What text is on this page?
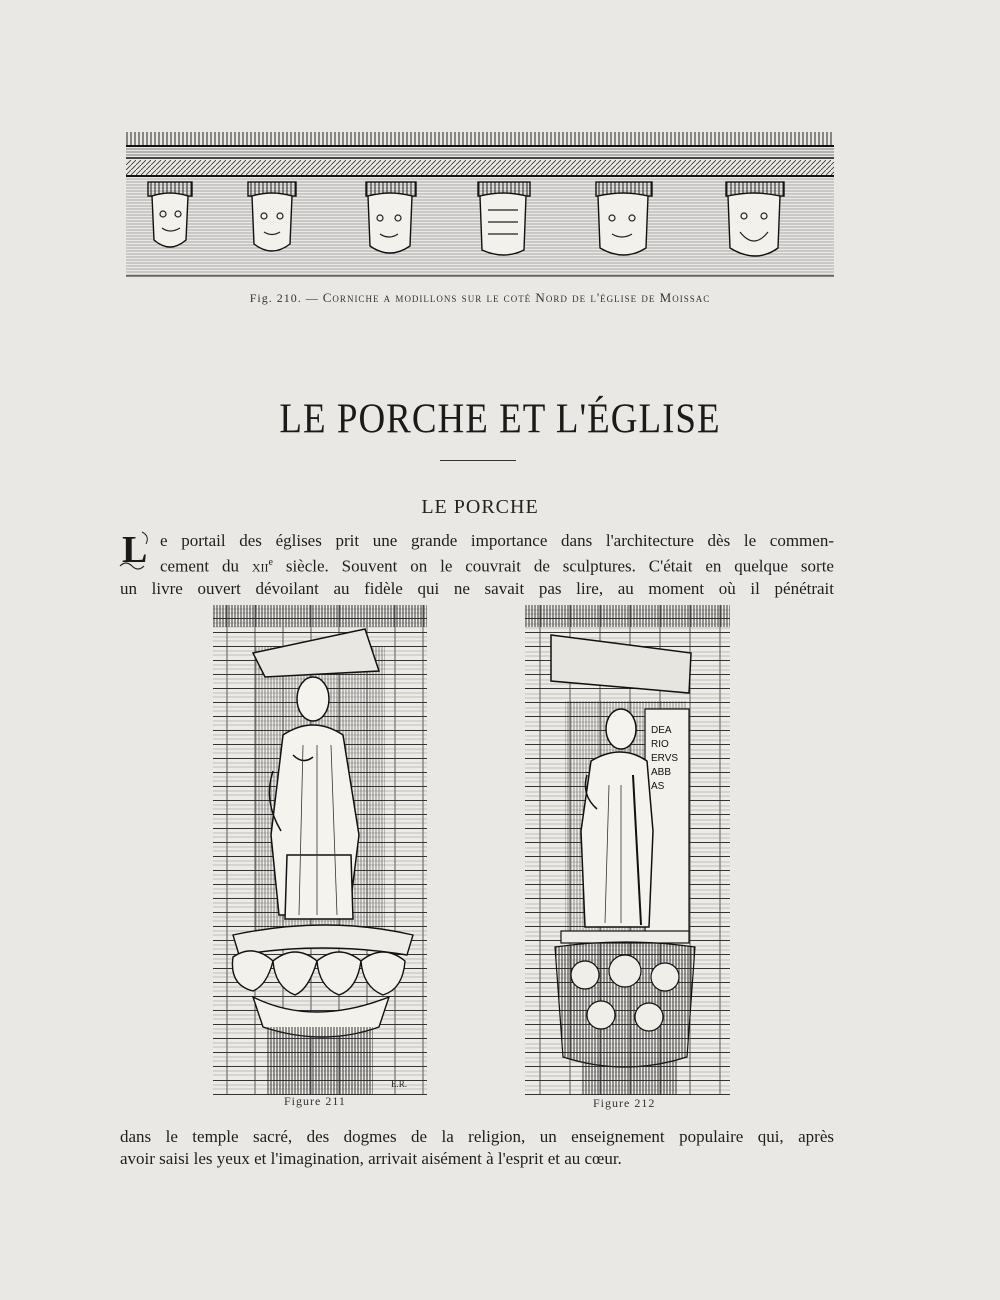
Fig. 210. — Corniche a modillons sur le coté Nord de l'église de Moissac
LE PORCHE ET L'ÉGLISE
LE PORCHE
L e portail des églises prit une grande importance dans l'architecture dès le commen-
cement du xii$^e$ siècle. Souvent on le couvrait de sculptures. C'était en quelque sorte
un livre ouvert dévoilant au fidèle qui ne savait pas lire, au moment où il pénétrait
E.R.
Figure 211
DEA
RIO
ERVS
ABB
AS
Figure 212
dans le temple sacré, des dogmes de la religion, un enseignement populaire qui, après
avoir saisi les yeux et l'imagination, arrivait aisément à l'esprit et au cœur.
